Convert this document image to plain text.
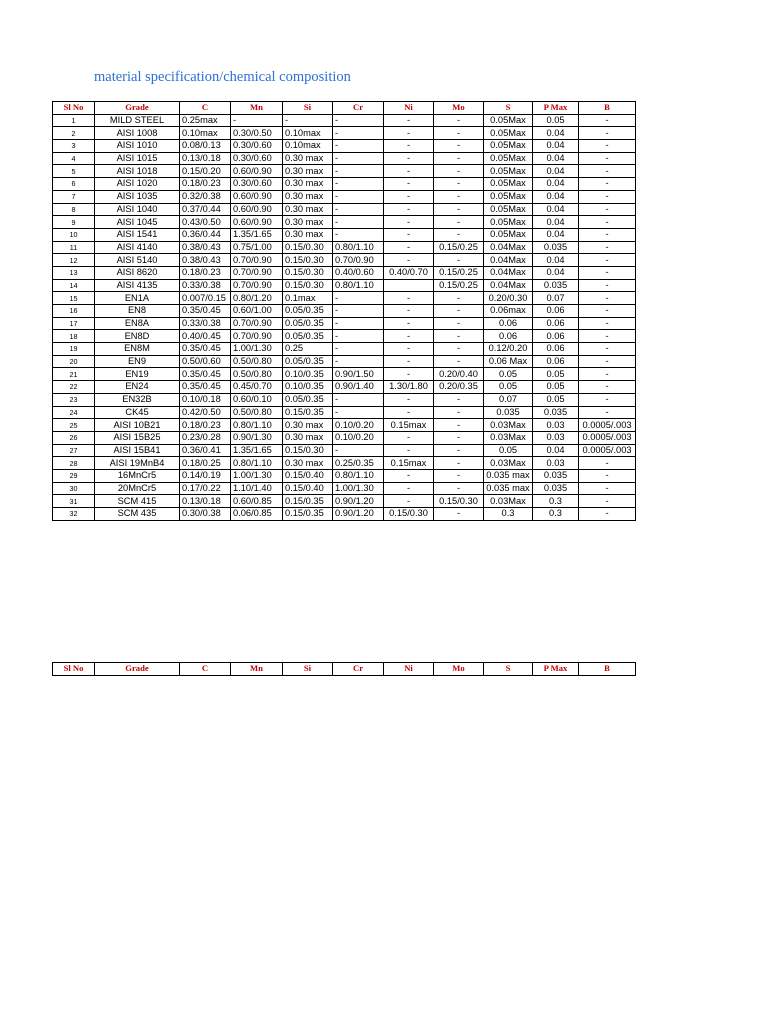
material specification/chemical composition
Sl No	Grade	C	Mn	Si	Cr	Ni	Mo	S	P Max	B
1	MILD STEEL	0.25max	-	-	-	-	-	0.05Max	0.05	-
2	AISI 1008	0.10max	0.30/0.50	0.10max	-	-	-	0.05Max	0.04	-
3	AISI 1010	0.08/0.13	0.30/0.60	0.10max	-	-	-	0.05Max	0.04	-
4	AISI 1015	0.13/0.18	0.30/0.60	0.30 max	-	-	-	0.05Max	0.04	-
5	AISI 1018	0.15/0.20	0.60/0.90	0.30 max	-	-	-	0.05Max	0.04	-
6	AISI 1020	0.18/0.23	0.30/0.60	0.30 max	-	-	-	0.05Max	0.04	-
7	AISI 1035	0.32/0.38	0.60/0.90	0.30 max	-	-	-	0.05Max	0.04	-
8	AISI 1040	0.37/0.44	0.60/0.90	0.30 max	-	-	-	0.05Max	0.04	-
9	AISI 1045	0.43/0.50	0.60/0.90	0.30 max	-	-	-	0.05Max	0.04	-
10	AISI 1541	0.36/0.44	1.35/1.65	0.30 max	-	-	-	0.05Max	0.04	-
11	AISI 4140	0.38/0.43	0.75/1.00	0.15/0.30	0.80/1.10	-	0.15/0.25	0.04Max	0.035	-
12	AISI 5140	0.38/0.43	0.70/0.90	0.15/0.30	0.70/0.90	-	-	0.04Max	0.04	-
13	AISI 8620	0.18/0.23	0.70/0.90	0.15/0.30	0.40/0.60	0.40/0.70	0.15/0.25	0.04Max	0.04	-
14	AISI 4135	0.33/0.38	0.70/0.90	0.15/0.30	0.80/1.10		0.15/0.25	0.04Max	0.035	-
15	EN1A	0.007/0.15	0.80/1.20	0.1max	-	-	-	0.20/0.30	0.07	-
16	EN8	0.35/0.45	0.60/1.00	0.05/0.35	-	-	-	0.06max	0.06	-
17	EN8A	0.33/0.38	0.70/0.90	0.05/0.35	-	-	-	0.06	0.06	-
18	EN8D	0.40/0.45	0.70/0.90	0.05/0.35	-	-	-	0.06	0.06	-
19	EN8M	0.35/0.45	1.00/1.30	0.25	-	-	-	0.12/0.20	0.06	-
20	EN9	0.50/0.60	0.50/0.80	0.05/0.35	-	-	-	0.06 Max	0.06	-
21	EN19	0.35/0.45	0.50/0.80	0.10/0.35	0.90/1.50	-	0.20/0.40	0.05	0.05	-
22	EN24	0.35/0.45	0.45/0.70	0.10/0.35	0.90/1.40	1.30/1.80	0.20/0.35	0.05	0.05	-
23	EN32B	0.10/0.18	0.60/0.10	0.05/0.35	-	-	-	0.07	0.05	-
24	CK45	0.42/0.50	0.50/0.80	0.15/0.35	-	-	-	0.035	0.035	-
25	AISI 10B21	0.18/0.23	0.80/1.10	0.30 max	0.10/0.20	0.15max	-	0.03Max	0.03	0.0005/.003
26	AISI 15B25	0.23/0.28	0.90/1.30	0.30 max	0.10/0.20	-	-	0.03Max	0.03	0.0005/.003
27	AISI 15B41	0.36/0.41	1.35/1.65	0.15/0.30	-	-	-	0.05	0.04	0.0005/.003
28	AISI 19MnB4	0.18/0.25	0.80/1.10	0.30 max	0.25/0.35	0.15max	-	0.03Max	0.03	-
29	16MnCr5	0.14/0.19	1.00/1.30	0.15/0.40	0.80/1.10	-	-	0.035 max	0.035	-
30	20MnCr5	0.17/0.22	1.10/1.40	0.15/0.40	1.00/1.30	-	-	0.035 max	0.035	-
31	SCM 415	0.13/0.18	0.60/0.85	0.15/0.35	0.90/1.20	-	0.15/0.30	0.03Max	0.3	-
32	SCM 435	0.30/0.38	0.06/0.85	0.15/0.35	0.90/1.20	0.15/0.30	-	0.3	0.3	-
Sl No	Grade	C	Mn	Si	Cr	Ni	Mo	S	P Max	B
